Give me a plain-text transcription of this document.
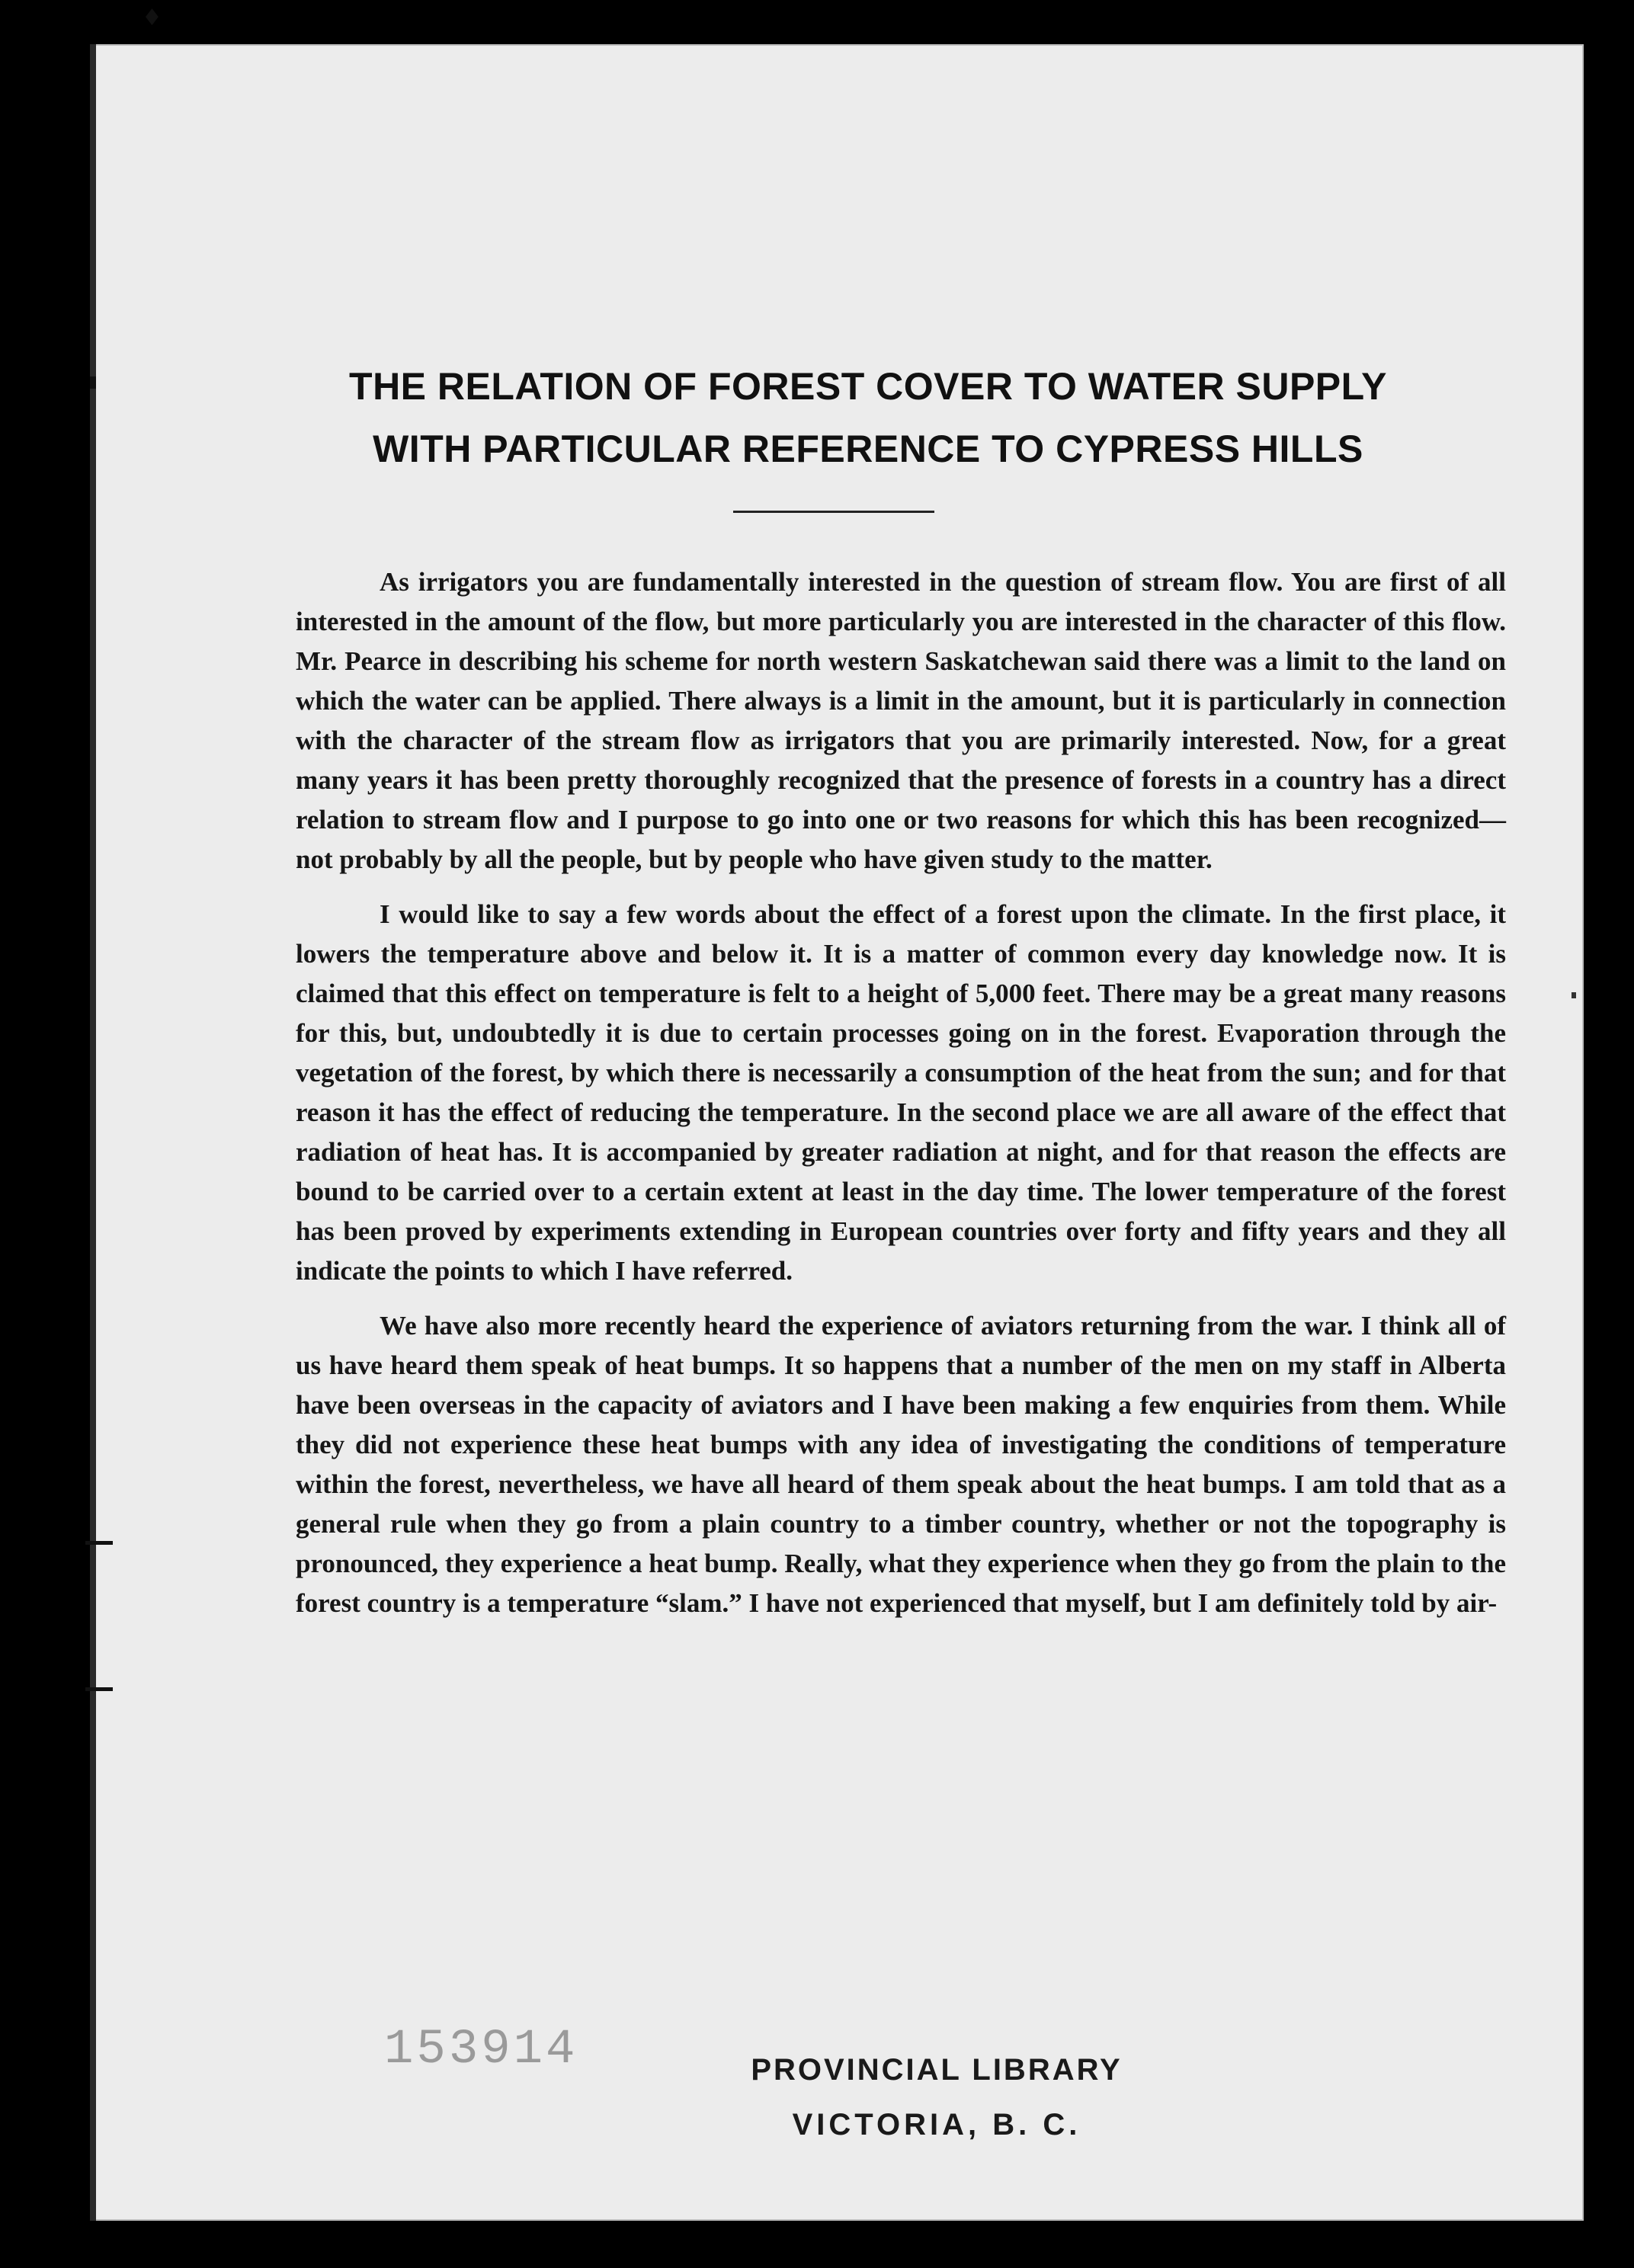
♦
THE RELATION OF FOREST COVER TO WATER SUPPLY
WITH PARTICULAR REFERENCE TO CYPRESS HILLS

As irrigators you are fundamentally interested in the question of stream flow. You are first of all interested in the amount of the flow, but more particularly you are interested in the character of this flow. Mr. Pearce in describing his scheme for north western Saskatchewan said there was a limit to the land on which the water can be applied. There always is a limit in the amount, but it is particularly in connection with the character of the stream flow as irrigators that you are primarily interested. Now, for a great many years it has been pretty thoroughly recognized that the presence of forests in a country has a direct relation to stream flow and I purpose to go into one or two reasons for which this has been recognized—not probably by all the people, but by people who have given study to the matter.

I would like to say a few words about the effect of a forest upon the climate. In the first place, it lowers the temperature above and below it. It is a matter of common every day knowledge now. It is claimed that this effect on temperature is felt to a height of 5,000 feet. There may be a great many reasons for this, but, undoubtedly it is due to certain processes going on in the forest. Evaporation through the vegetation of the forest, by which there is necessarily a consumption of the heat from the sun; and for that reason it has the effect of reducing the temperature. In the second place we are all aware of the effect that radiation of heat has. It is accompanied by greater radiation at night, and for that reason the effects are bound to be carried over to a certain extent at least in the day time. The lower temperature of the forest has been proved by experiments extending in European countries over forty and fifty years and they all indicate the points to which I have referred.

We have also more recently heard the experience of aviators returning from the war. I think all of us have heard them speak of heat bumps. It so happens that a number of the men on my staff in Alberta have been overseas in the capacity of aviators and I have been making a few enquiries from them. While they did not experience these heat bumps with any idea of investigating the conditions of temperature within the forest, nevertheless, we have all heard of them speak about the heat bumps. I am told that as a general rule when they go from a plain country to a timber country, whether or not the topography is pronounced, they experience a heat bump. Really, what they experience when they go from the plain to the forest country is a temperature “slam.” I have not experienced that myself, but I am definitely told by air-

153914	PROVINCIAL LIBRARY
VICTORIA, B. C.
